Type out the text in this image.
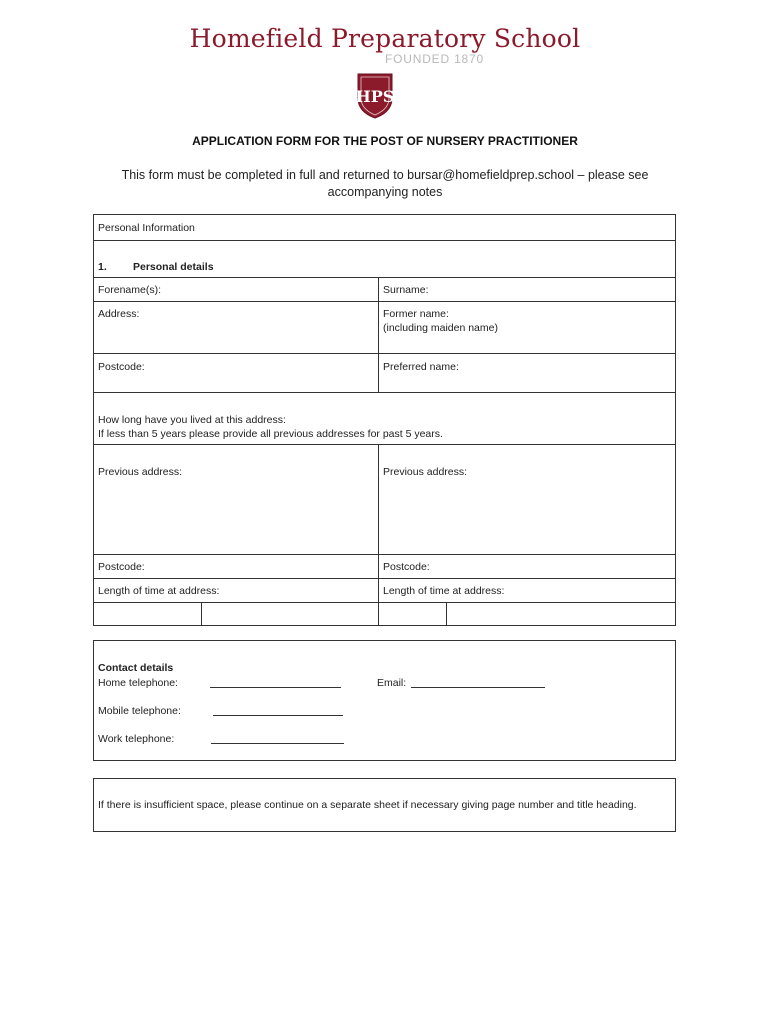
Homefield Preparatory School
FOUNDED 1870
HPS
APPLICATION FORM FOR THE POST OF NURSERY PRACTITIONER
This form must be completed in full and returned to bursar@homefieldprep.school – please see accompanying notes
Personal Information
1. Personal details
Forename(s):	Surname:
Address:	Former name:
(including maiden name)
Postcode:	Preferred name:
How long have you lived at this address:
If less than 5 years please provide all previous addresses for past 5 years.
Previous address:	Previous address:
Postcode:	Postcode:
Length of time at address:	Length of time at address:
Contact details
Home telephone:	Email:
Mobile telephone:
Work telephone:
If there is insufficient space, please continue on a separate sheet if necessary giving page number and title heading.
